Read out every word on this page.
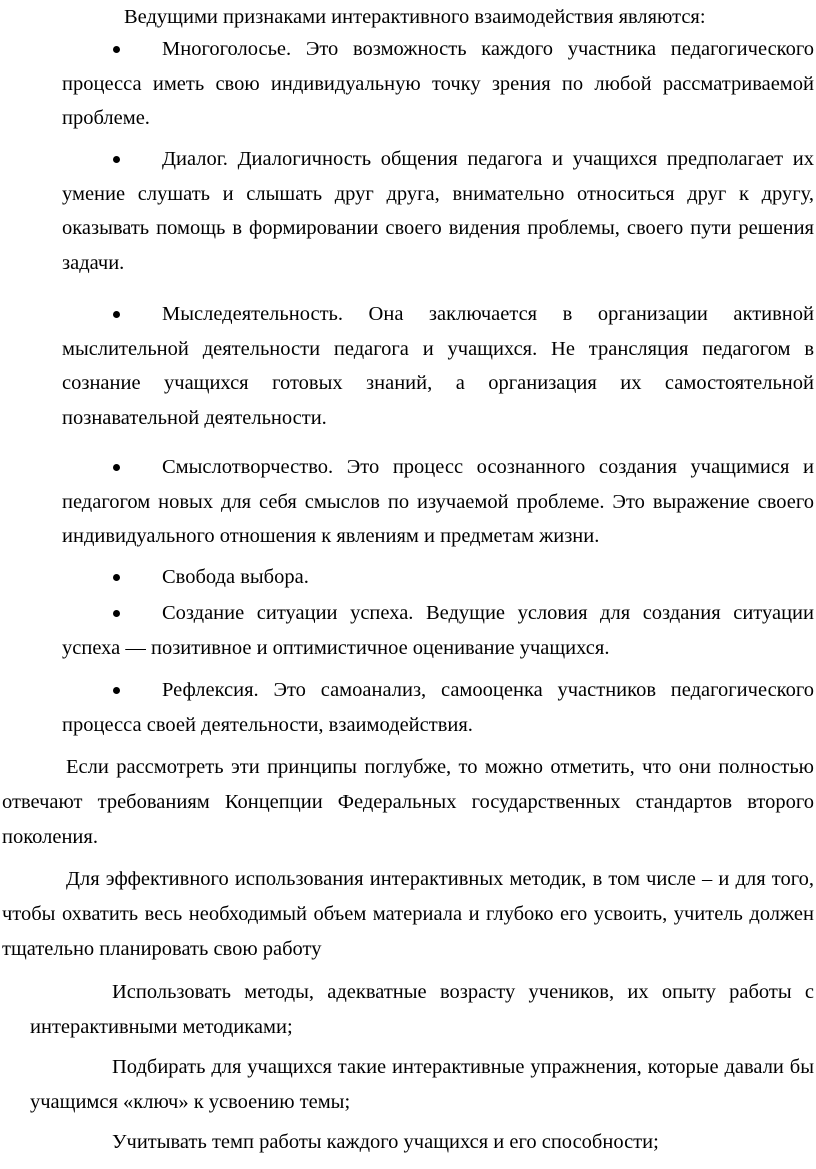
Ведущими признаками интерактивного взаимодействия являются:

Многоголосье. Это возможность каждого участника педагогического процесса иметь свою индивидуальную точку зрения по любой рассматриваемой проблеме.
Диалог. Диалогичность общения педагога и учащихся предполагает их умение слушать и слышать друг друга, внимательно относиться друг к другу, оказывать помощь в формировании своего видения проблемы, своего пути решения задачи.
Мыследеятельность. Она заключается в организации активной мыслительной деятельности педагога и учащихся. Не трансляция педагогом в сознание учащихся готовых знаний, а организация их самостоятельной познавательной деятельности.
Смыслотворчество. Это процесс осознанного создания учащимися и педагогом новых для себя смыслов по изучаемой проблеме. Это выражение своего индивидуального отношения к явлениям и предметам жизни.
Свобода выбора.
Создание ситуации успеха. Ведущие условия для создания ситуации успеха — позитивное и оптимистичное оценивание учащихся.
Рефлексия. Это самоанализ, самооценка участников педагогического процесса своей деятельности, взаимодействия.

Если рассмотреть эти принципы поглубже, то можно отметить, что они полностью отвечают требованиям Концепции Федеральных государственных стандартов второго поколения.

Для эффективного использования интерактивных методик, в том числе – и для того, чтобы охватить весь необходимый объем материала и глубоко его усвоить, учитель должен тщательно планировать свою работу

Использовать методы, адекватные возрасту учеников, их опыту работы с интерактивными методиками;

Подбирать для учащихся такие интерактивные упражнения, которые давали бы учащимся «ключ» к усвоению темы;

Учитывать темп работы каждого учащихся и его способности;
